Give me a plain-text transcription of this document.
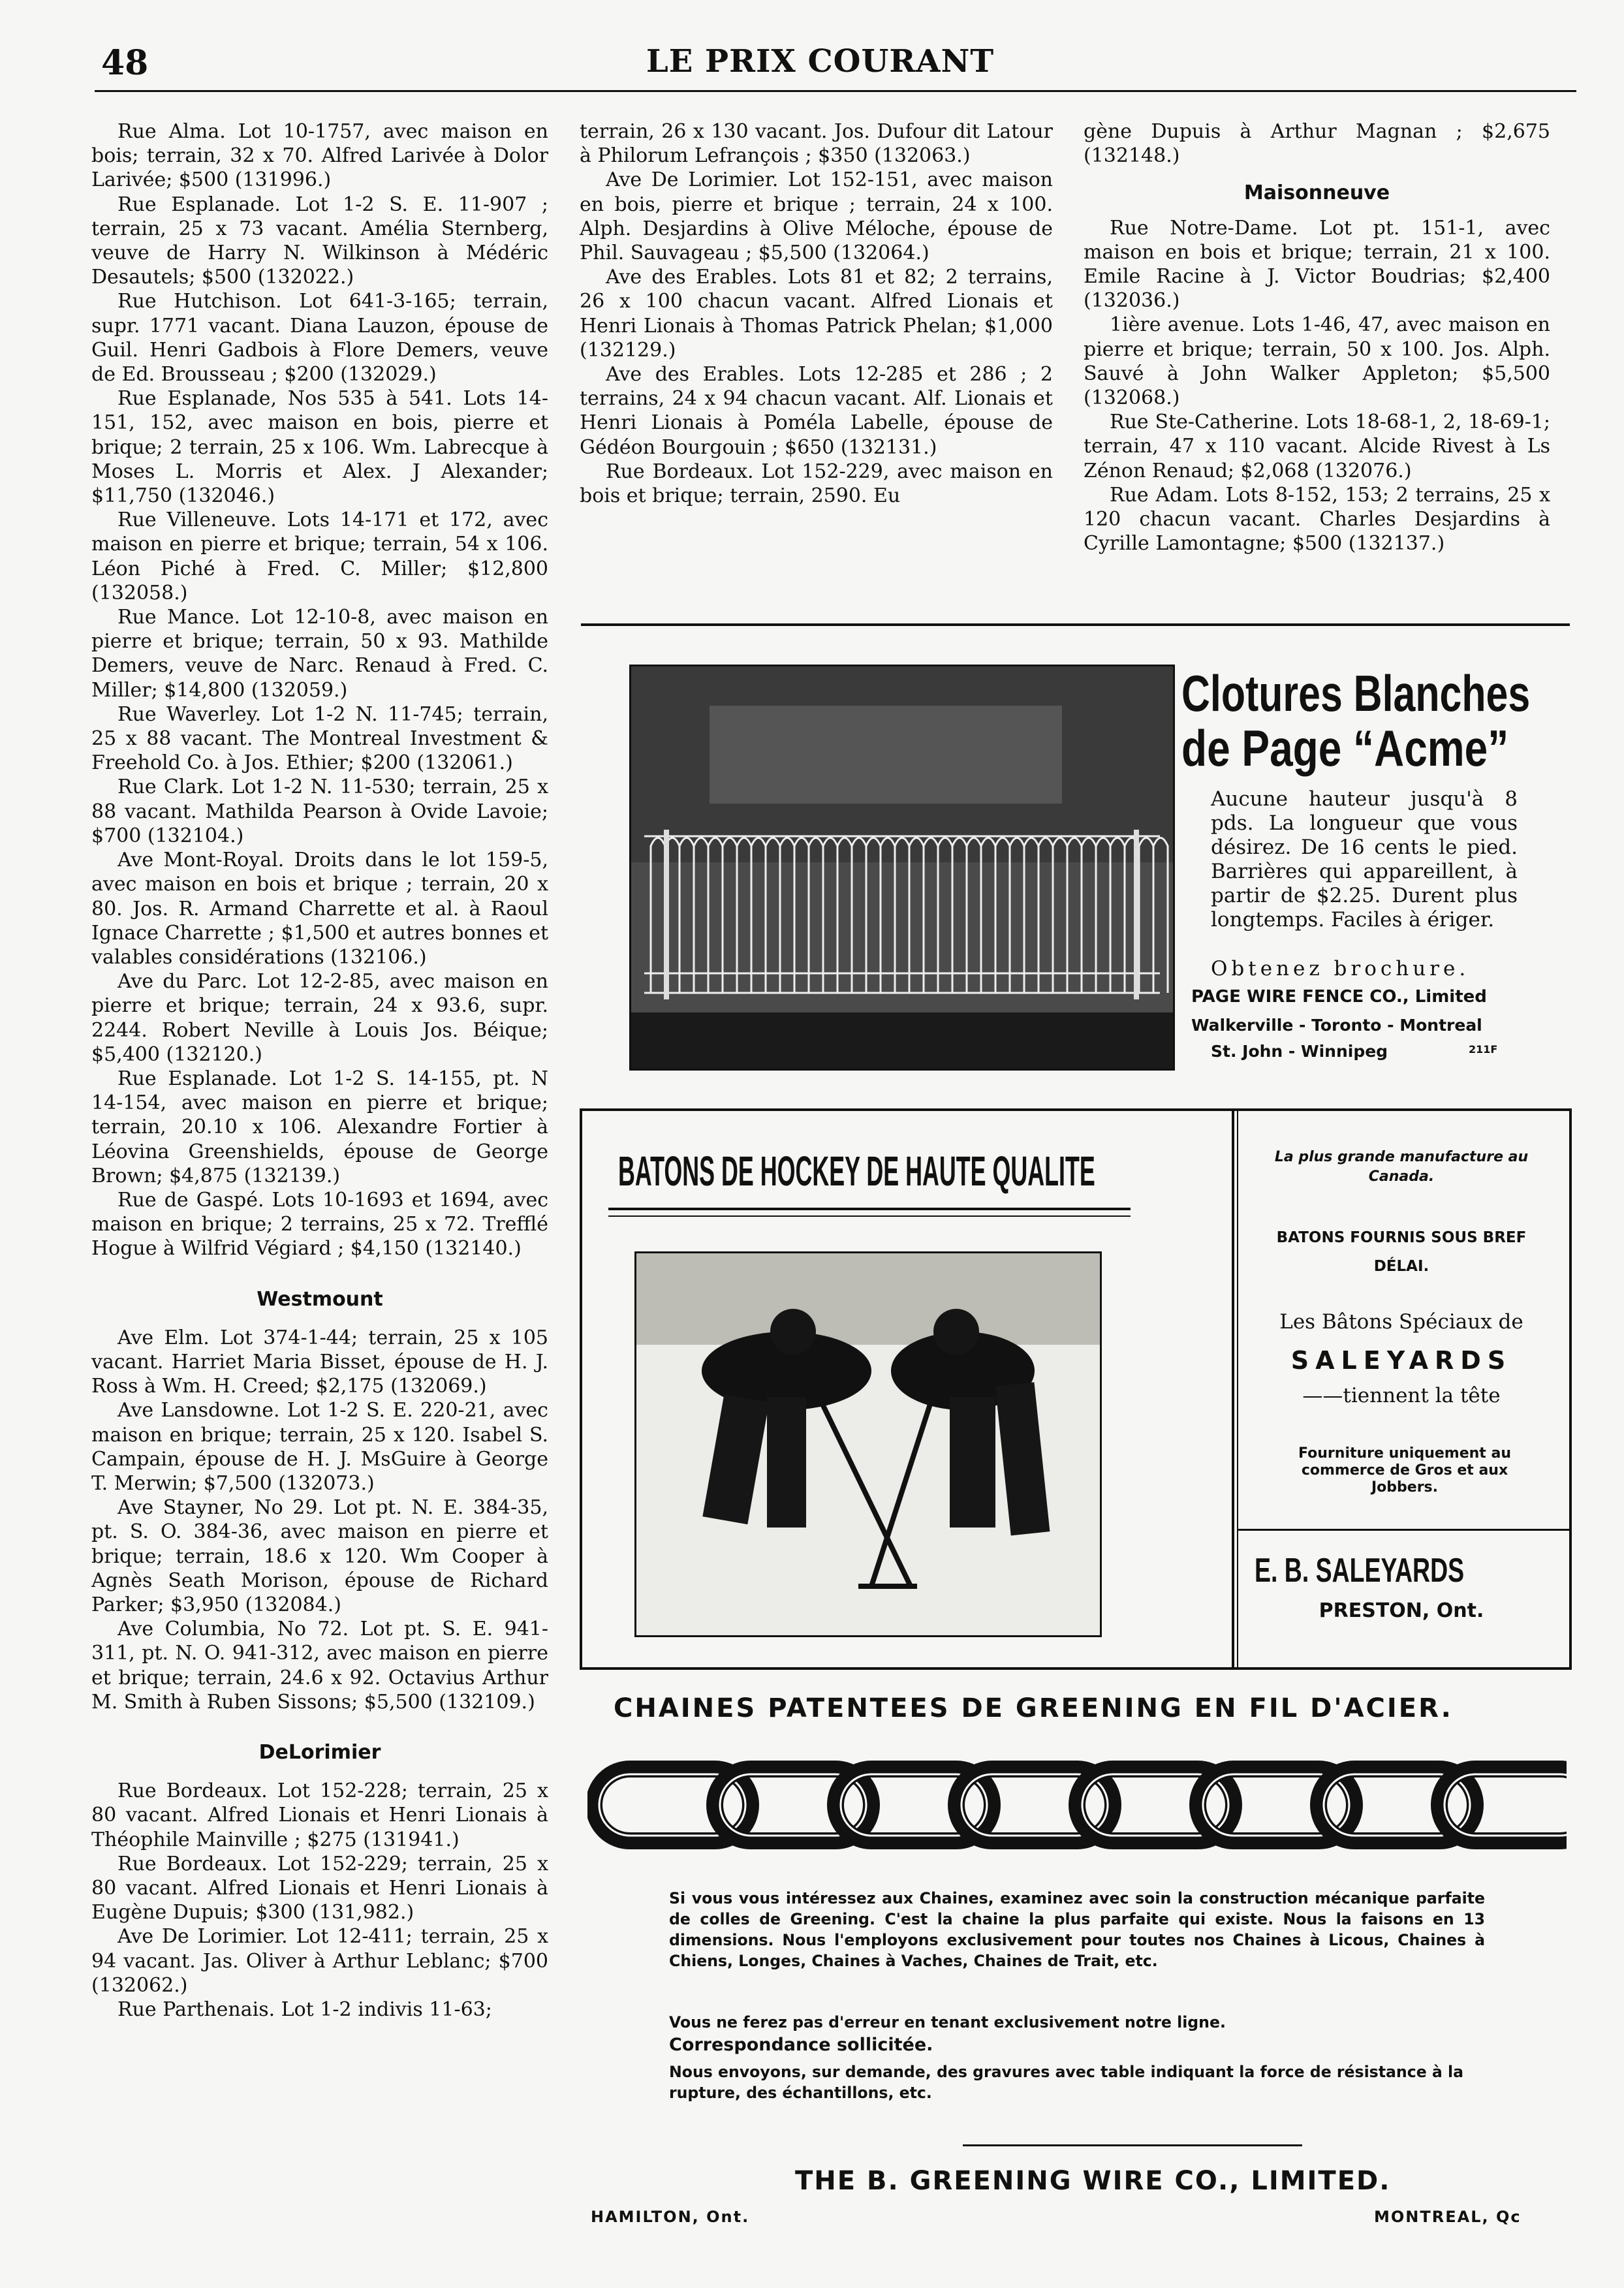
48	LE PRIX COURANT

Rue Alma. Lot 10-1757, avec maison en bois; terrain, 32 x 70. Alfred Larivée à Dolor Larivée; $500 (131996.)

Rue Esplanade. Lot 1-2 S. E. 11-907 ; terrain, 25 x 73 vacant. Amélia Sternberg, veuve de Harry N. Wilkinson à Médéric Desautels; $500 (132022.)

Rue Hutchison. Lot 641-3-165; terrain, supr. 1771 vacant. Diana Lauzon, épouse de Guil. Henri Gadbois à Flore Demers, veuve de Ed. Brousseau ; $200 (132029.)

Rue Esplanade, Nos 535 à 541. Lots 14-151, 152, avec maison en bois, pierre et brique; 2 terrain, 25 x 106. Wm. Labrecque à Moses L. Morris et Alex. J Alexander; $11,750 (132046.)

Rue Villeneuve. Lots 14-171 et 172, avec maison en pierre et brique; terrain, 54 x 106. Léon Piché à Fred. C. Miller; $12,800 (132058.)

Rue Mance. Lot 12-10-8, avec maison en pierre et brique; terrain, 50 x 93. Mathilde Demers, veuve de Narc. Renaud à Fred. C. Miller; $14,800 (132059.)

Rue Waverley. Lot 1-2 N. 11-745; terrain, 25 x 88 vacant. The Montreal Investment & Freehold Co. à Jos. Ethier; $200 (132061.)

Rue Clark. Lot 1-2 N. 11-530; terrain, 25 x 88 vacant. Mathilda Pearson à Ovide Lavoie; $700 (132104.)

Ave Mont-Royal. Droits dans le lot 159-5, avec maison en bois et brique ; terrain, 20 x 80. Jos. R. Armand Charrette et al. à Raoul Ignace Charrette ; $1,500 et autres bonnes et valables considérations (132106.)

Ave du Parc. Lot 12-2-85, avec maison en pierre et brique; terrain, 24 x 93.6, supr. 2244. Robert Neville à Louis Jos. Béique; $5,400 (132120.)

Rue Esplanade. Lot 1-2 S. 14-155, pt. N 14-154, avec maison en pierre et brique; terrain, 20.10 x 106. Alexandre Fortier à Léovina Greenshields, épouse de George Brown; $4,875 (132139.)

Rue de Gaspé. Lots 10-1693 et 1694, avec maison en brique; 2 terrains, 25 x 72. Trefflé Hogue à Wilfrid Végiard ; $4,150 (132140.)

Westmount

Ave Elm. Lot 374-1-44; terrain, 25 x 105 vacant. Harriet Maria Bisset, épouse de H. J. Ross à Wm. H. Creed; $2,175 (132069.)

Ave Lansdowne. Lot 1-2 S. E. 220-21, avec maison en brique; terrain, 25 x 120. Isabel S. Campain, épouse de H. J. MsGuire à George T. Merwin; $7,500 (132073.)

Ave Stayner, No 29. Lot pt. N. E. 384-35, pt. S. O. 384-36, avec maison en pierre et brique; terrain, 18.6 x 120. Wm Cooper à Agnès Seath Morison, épouse de Richard Parker; $3,950 (132084.)

Ave Columbia, No 72. Lot pt. S. E. 941-311, pt. N. O. 941-312, avec maison en pierre et brique; terrain, 24.6 x 92. Octavius Arthur M. Smith à Ruben Sissons; $5,500 (132109.)

DeLorimier

Rue Bordeaux. Lot 152-228; terrain, 25 x 80 vacant. Alfred Lionais et Henri Lionais à Théophile Mainville ; $275 (131941.)

Rue Bordeaux. Lot 152-229; terrain, 25 x 80 vacant. Alfred Lionais et Henri Lionais à Eugène Dupuis; $300 (131,982.)

Ave De Lorimier. Lot 12-411; terrain, 25 x 94 vacant. Jas. Oliver à Arthur Leblanc; $700 (132062.)

Rue Parthenais. Lot 1-2 indivis 11-63;

terrain, 26 x 130 vacant. Jos. Dufour dit Latour à Philorum Lefrançois ; $350 (132063.)

Ave De Lorimier. Lot 152-151, avec maison en bois, pierre et brique ; terrain, 24 x 100. Alph. Desjardins à Olive Méloche, épouse de Phil. Sauvageau ; $5,500 (132064.)

Ave des Erables. Lots 81 et 82; 2 terrains, 26 x 100 chacun vacant. Alfred Lionais et Henri Lionais à Thomas Patrick Phelan; $1,000 (132129.)

Ave des Erables. Lots 12-285 et 286 ; 2 terrains, 24 x 94 chacun vacant. Alf. Lionais et Henri Lionais à Poméla Labelle, épouse de Gédéon Bourgouin ; $650 (132131.)

Rue Bordeaux. Lot 152-229, avec maison en bois et brique; terrain, 2590. Eu

gène Dupuis à Arthur Magnan ; $2,675 (132148.)

Maisonneuve

Rue Notre-Dame. Lot pt. 151-1, avec maison en bois et brique; terrain, 21 x 100. Emile Racine à J. Victor Boudrias; $2,400 (132036.)

1ière avenue. Lots 1-46, 47, avec maison en pierre et brique; terrain, 50 x 100. Jos. Alph. Sauvé à John Walker Appleton; $5,500 (132068.)

Rue Ste-Catherine. Lots 18-68-1, 2, 18-69-1; terrain, 47 x 110 vacant. Alcide Rivest à Ls Zénon Renaud; $2,068 (132076.)

Rue Adam. Lots 8-152, 153; 2 terrains, 25 x 120 chacun vacant. Charles Desjardins à Cyrille Lamontagne; $500 (132137.)

Clotures Blanches
de Page “Acme”
Aucune hauteur jusqu'à 8 pds. La longueur que vous désirez. De 16 cents le pied. Barrières qui appareillent, à partir de $2.25. Durent plus longtemps. Faciles à ériger.
Obtenez brochure.
PAGE WIRE FENCE CO., Limited
Walkerville - Toronto - Montreal
St. John - Winnipeg	211F
BATONS DE HOCKEY DE HAUTE QUALITE	La plus grande manufacture au Canada.
BATONS FOURNIS SOUS BREF DÉLAI.
Les Bâtons Spéciaux de
SALEYARDS
——tiennent la tête
Fourniture uniquement au commerce de Gros et aux Jobbers.
E. B. SALEYARDS
PRESTON, Ont.
CHAINES PATENTEES DE GREENING EN FIL D'ACIER.
Si vous vous intéressez aux Chaines, examinez avec soin la construction mécanique parfaite de colles de Greening. C'est la chaine la plus parfaite qui existe. Nous la faisons en 13 dimensions. Nous l'employons exclusivement pour toutes nos Chaines à Licous, Chaines à Chiens, Longes, Chaines à Vaches, Chaines de Trait, etc.
Vous ne ferez pas d'erreur en tenant exclusivement notre ligne.
Correspondance sollicitée.
Nous envoyons, sur demande, des gravures avec table indiquant la force de résistance à la rupture, des échantillons, etc.
THE B. GREENING WIRE CO., LIMITED.
HAMILTON, Ont.	MONTREAL, Qc
